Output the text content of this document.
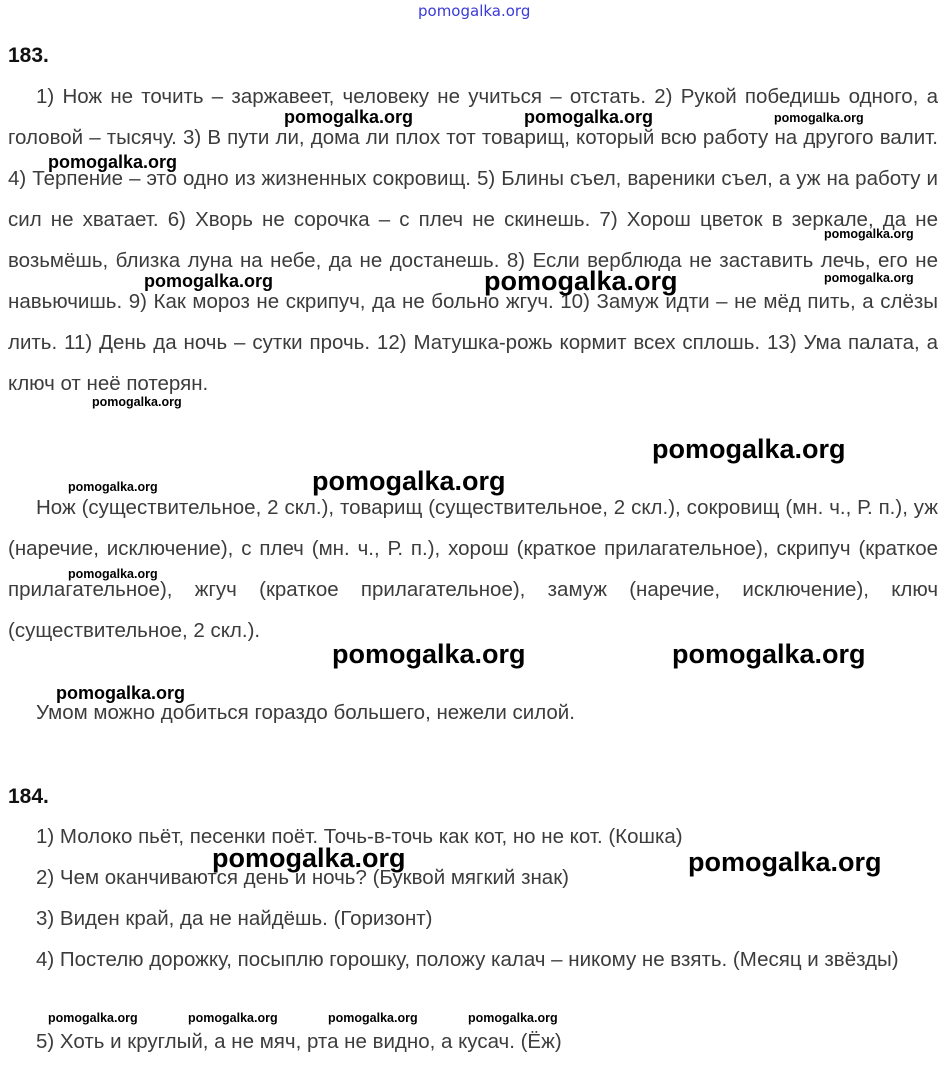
pomogalka.org
183.

1) Нож не точить – заржавеет, человеку не учиться – отстать. 2) Рукой победишь одного, а головой – тысячу. 3) В пути ли, дома ли плох тот товарищ, который всю работу на другого валит. 4) Терпение – это одно из жизненных сокровищ. 5) Блины съел, вареники съел, а уж на работу и сил не хватает. 6) Хворь не сорочка – с плеч не скинешь. 7) Хорош цветок в зеркале, да не возьмёшь, близка луна на небе, да не достанешь. 8) Если верблюда не заставить лечь, его не навьючишь. 9) Как мороз не скрипуч, да не больно жгуч. 10) Замуж идти – не мёд пить, а слёзы лить. 11) День да ночь – сутки прочь. 12) Матушка-рожь кормит всех сплошь. 13) Ума палата, а ключ от неё потерян.

Нож (существительное, 2 скл.), товарищ (существительное, 2 скл.), сокровищ (мн. ч., Р. п.), уж (наречие, исключение), с плеч (мн. ч., Р. п.), хорош (краткое прилагательное), скрипуч (краткое прилагательное), жгуч (краткое прилагательное), замуж (наречие, исключение), ключ (существительное, 2 скл.).

Умом можно добиться гораздо большего, нежели силой.

184.

1) Молоко пьёт, песенки поёт. Точь-в-точь как кот, но не кот. (Кошка)

2) Чем оканчиваются день и ночь? (Буквой мягкий знак)

3) Виден край, да не найдёшь. (Горизонт)

4) Постелю дорожку, посыплю горошку, положу калач – никому не взять. (Месяц и звёзды)

5) Хоть и круглый, а не мяч, рта не видно, а кусач. (Ёж)

pomogalka.org	pomogalka.org	pomogalka.org
pomogalka.org
pomogalka.org
pomogalka.org	pomogalka.org	pomogalka.org
pomogalka.org
pomogalka.org
pomogalka.org
pomogalka.org
pomogalka.org
pomogalka.org	pomogalka.org
pomogalka.org
pomogalka.org	pomogalka.org
pomogalka.org	pomogalka.org	pomogalka.org	pomogalka.org
